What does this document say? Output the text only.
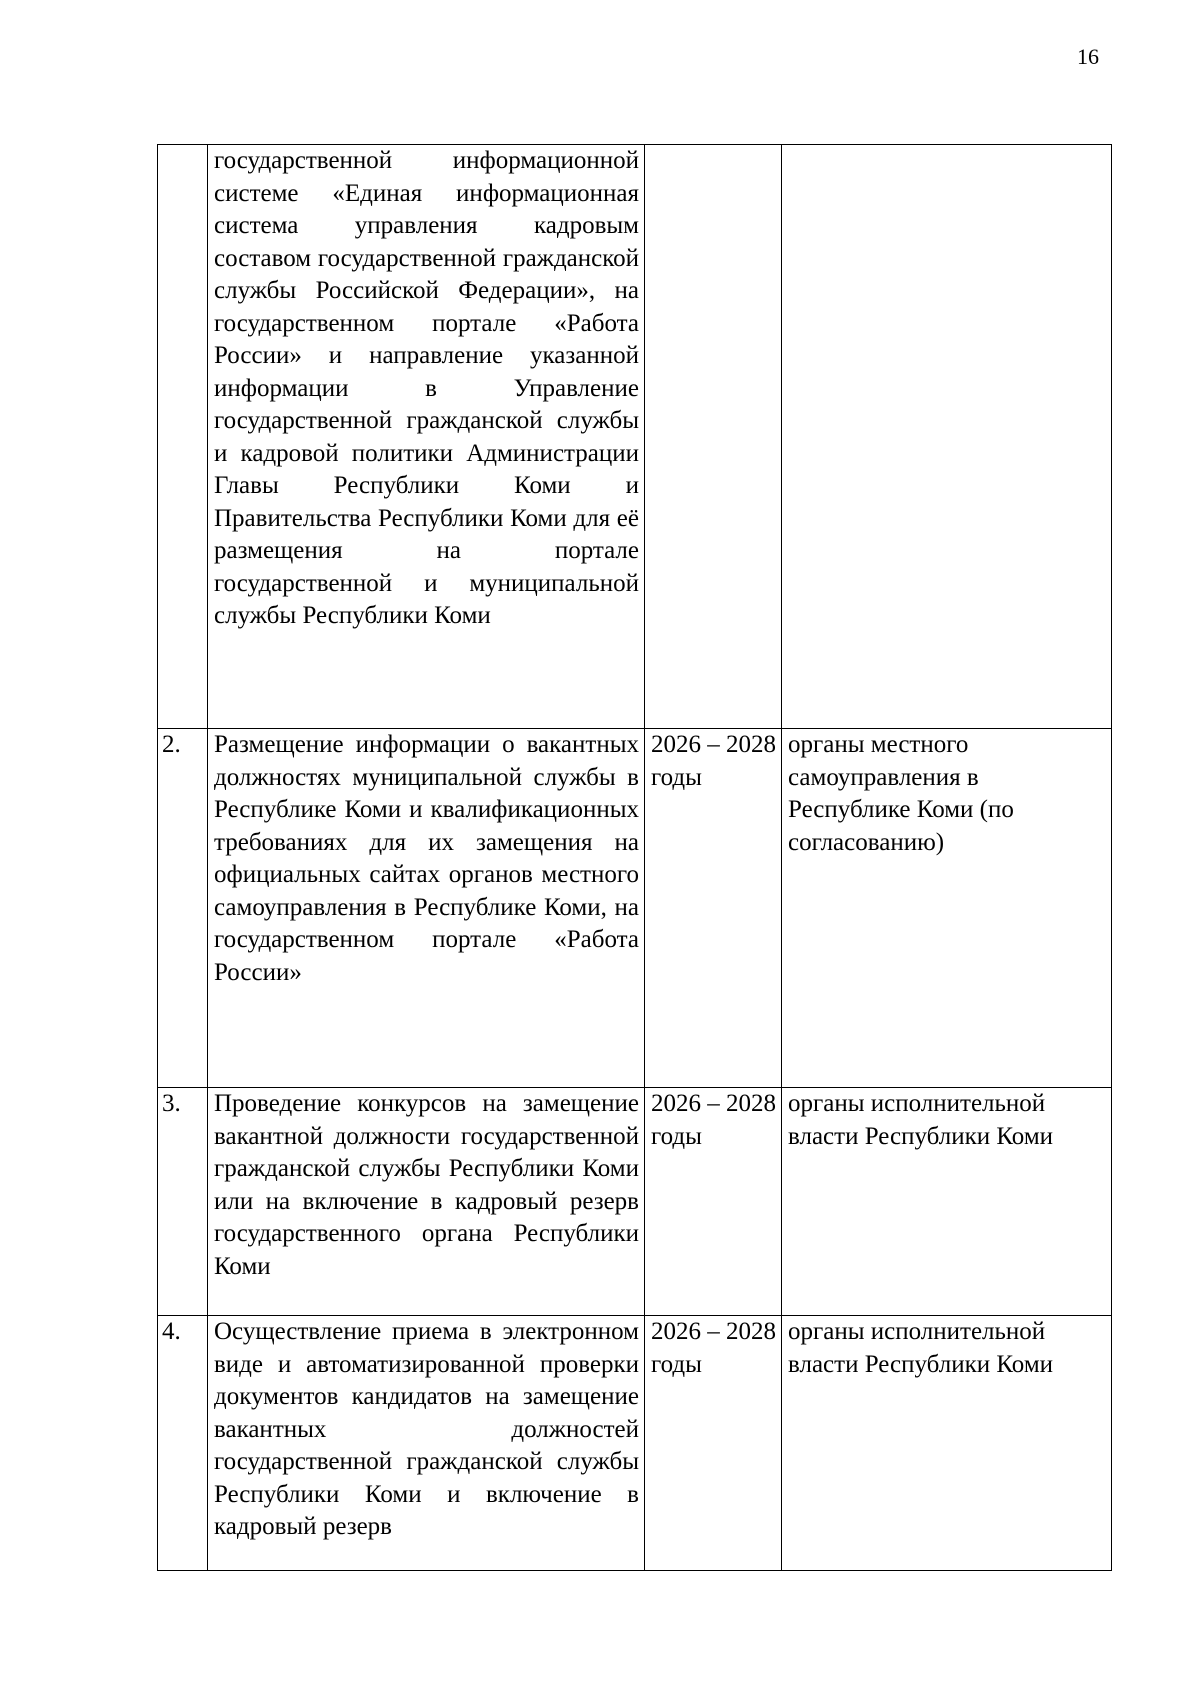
16
	государственной информационной системе «Единая информационная система управления кадровым составом государственной гражданской службы Российской Федерации», на государственном портале «Работа России» и направление указанной информации в Управление государственной гражданской службы и кадровой политики Администрации Главы Республики Коми и Правительства Республики Коми для её размещения на портале государственной и муниципальной службы Республики Коми		
2.	Размещение информации о вакантных должностях муниципальной службы в Республике Коми и квалификационных требованиях для их замещения на официальных сайтах органов местного самоуправления в Республике Коми, на государственном портале «Работа России»	2026 – 2028 годы	органы местного самоуправления в Республике Коми (по согласованию)
3.	Проведение конкурсов на замещение вакантной должности государственной гражданской службы Республики Коми или на включение в кадровый резерв государственного органа Республики Коми	2026 – 2028 годы	органы исполнительной власти Республики Коми
4.	Осуществление приема в электронном виде и автоматизированной проверки документов кандидатов на замещение вакантных должностей государственной гражданской службы Республики Коми и включение в кадровый резерв	2026 – 2028 годы	органы исполнительной власти Республики Коми
